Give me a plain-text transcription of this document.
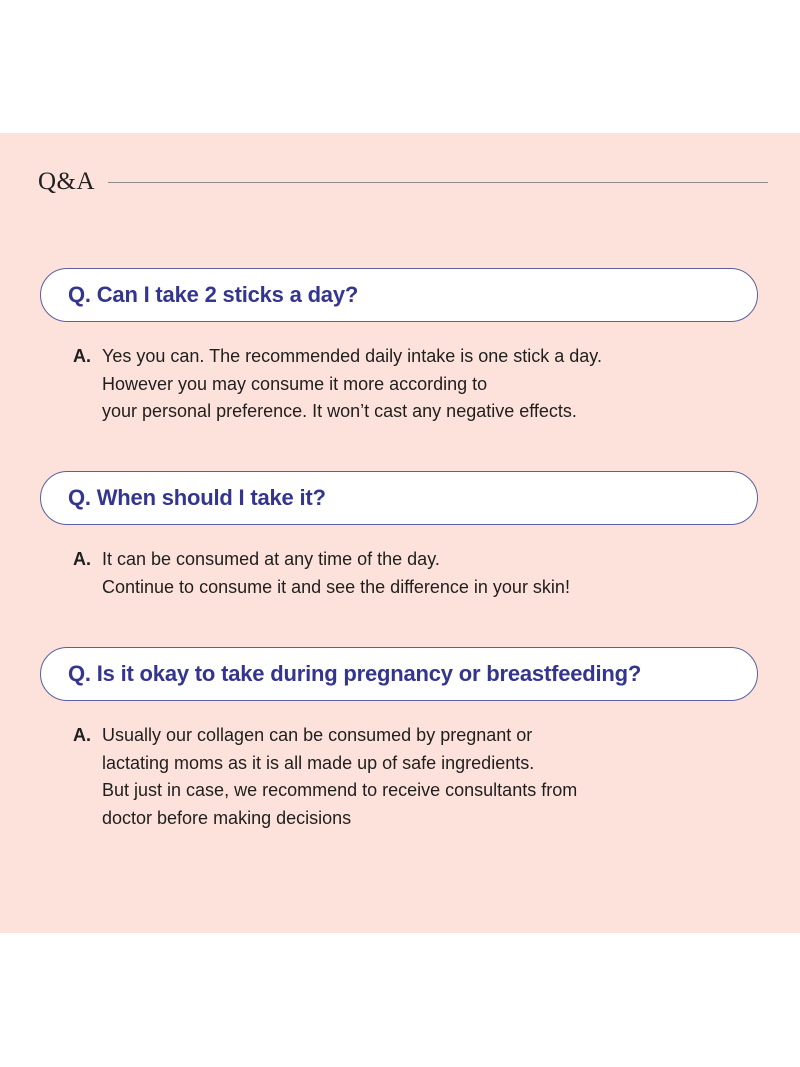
Q&A
Q. Can I take 2 sticks a day?
A. Yes you can. The recommended daily intake is one stick a day.
However you may consume it more according to
your personal preference. It won’t cast any negative effects.
Q. When should I take it?
A. It can be consumed at any time of the day.
Continue to consume it and see the difference in your skin!
Q. Is it okay to take during pregnancy or breastfeeding?
A. Usually our collagen can be consumed by pregnant or
lactating moms as it is all made up of safe ingredients.
But just in case, we recommend to receive consultants from
doctor before making decisions
